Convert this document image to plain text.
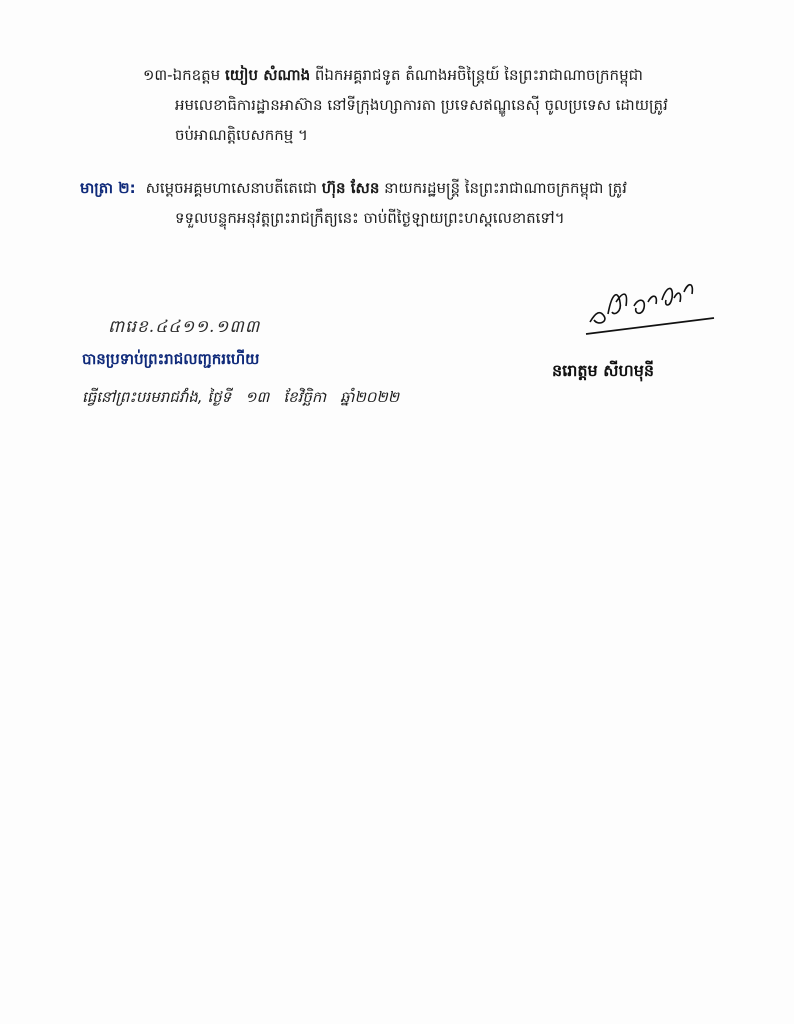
១៣-ឯកឧត្តម យៀប សំណាង ពីឯកអគ្គរាជទូត តំណាងអចិន្ត្រៃយ៍ នៃព្រះរាជាណាចក្រកម្ពុជា
អមលេខាធិការដ្ឋានអាស៊ាន នៅទីក្រុងហ្សាការតា ប្រទេសឥណ្ឌូនេស៊ី ចូលប្រទេស ដោយត្រូវ
ចប់អាណត្តិបេសកកម្ម ។
មាត្រា ២: សម្តេចអគ្គមហាសេនាបតីតេជោ ហ៊ុន សែន នាយករដ្ឋមន្ត្រី នៃព្រះរាជាណាចក្រកម្ពុជា ត្រូវ
ទទួលបន្ទុកអនុវត្តព្រះរាជក្រឹត្យនេះ ចាប់ពីថ្ងៃឡាយព្រះហស្តលេខាតទៅ។
ពារេខ.៤៤១១.១៣៣
បានប្រទាប់ព្រះរាជលញ្ជករហើយ
ធ្វើនៅព្រះបរមរាជវាំង, ថ្ងៃទី ១៣ ខែវិច្ឆិកា ឆ្នាំ២០២២
នរោត្តម សីហមុនី
